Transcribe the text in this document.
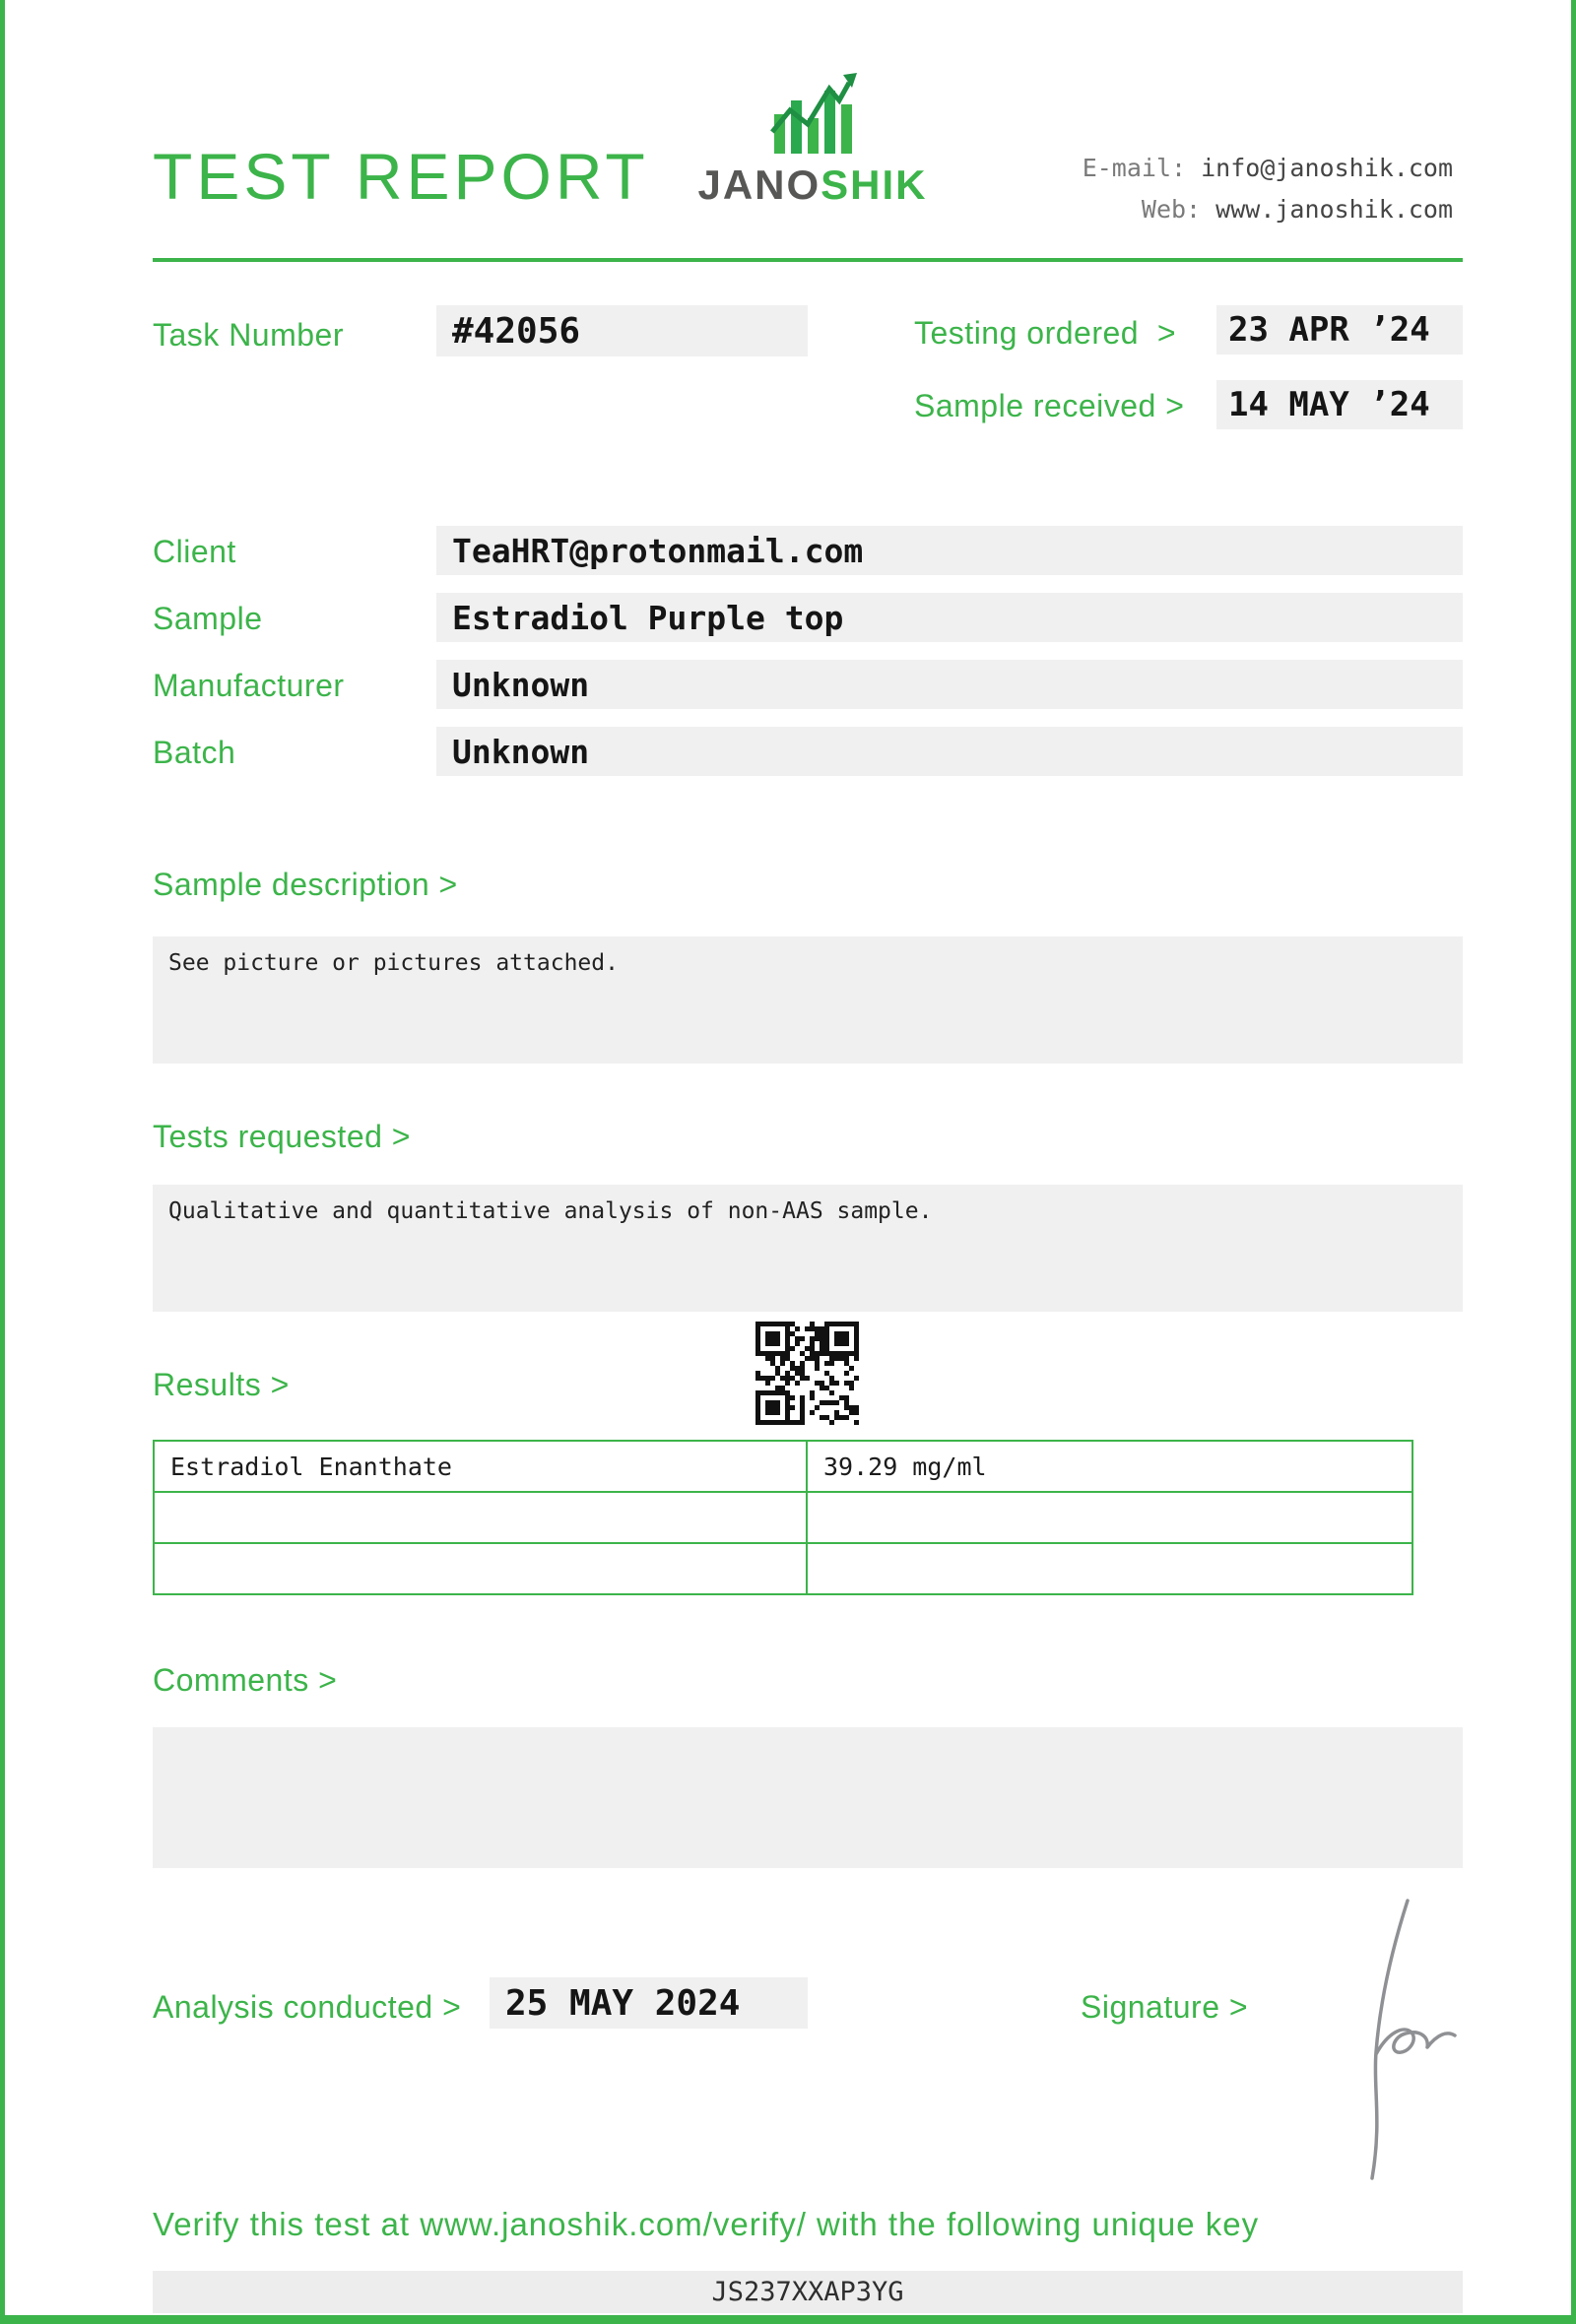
TEST REPORT JANOSHIK	E-mail: info@janoshik.com
Web: www.janoshik.com
Task Number	#42056	Testing ordered  >	23 APR ’24
Sample received >	14 MAY ’24
Client	TeaHRT@protonmail.com
Sample	Estradiol Purple top
Manufacturer	Unknown
Batch	Unknown
Sample description >
See picture or pictures attached.
Tests requested >
Qualitative and quantitative analysis of non-AAS sample.
Results >
Estradiol Enanthate	39.29 mg/ml
Comments >
Analysis conducted >	25 MAY 2024	Signature >
Verify this test at www.janoshik.com/verify/ with the following unique key
JS237XXAP3YG
